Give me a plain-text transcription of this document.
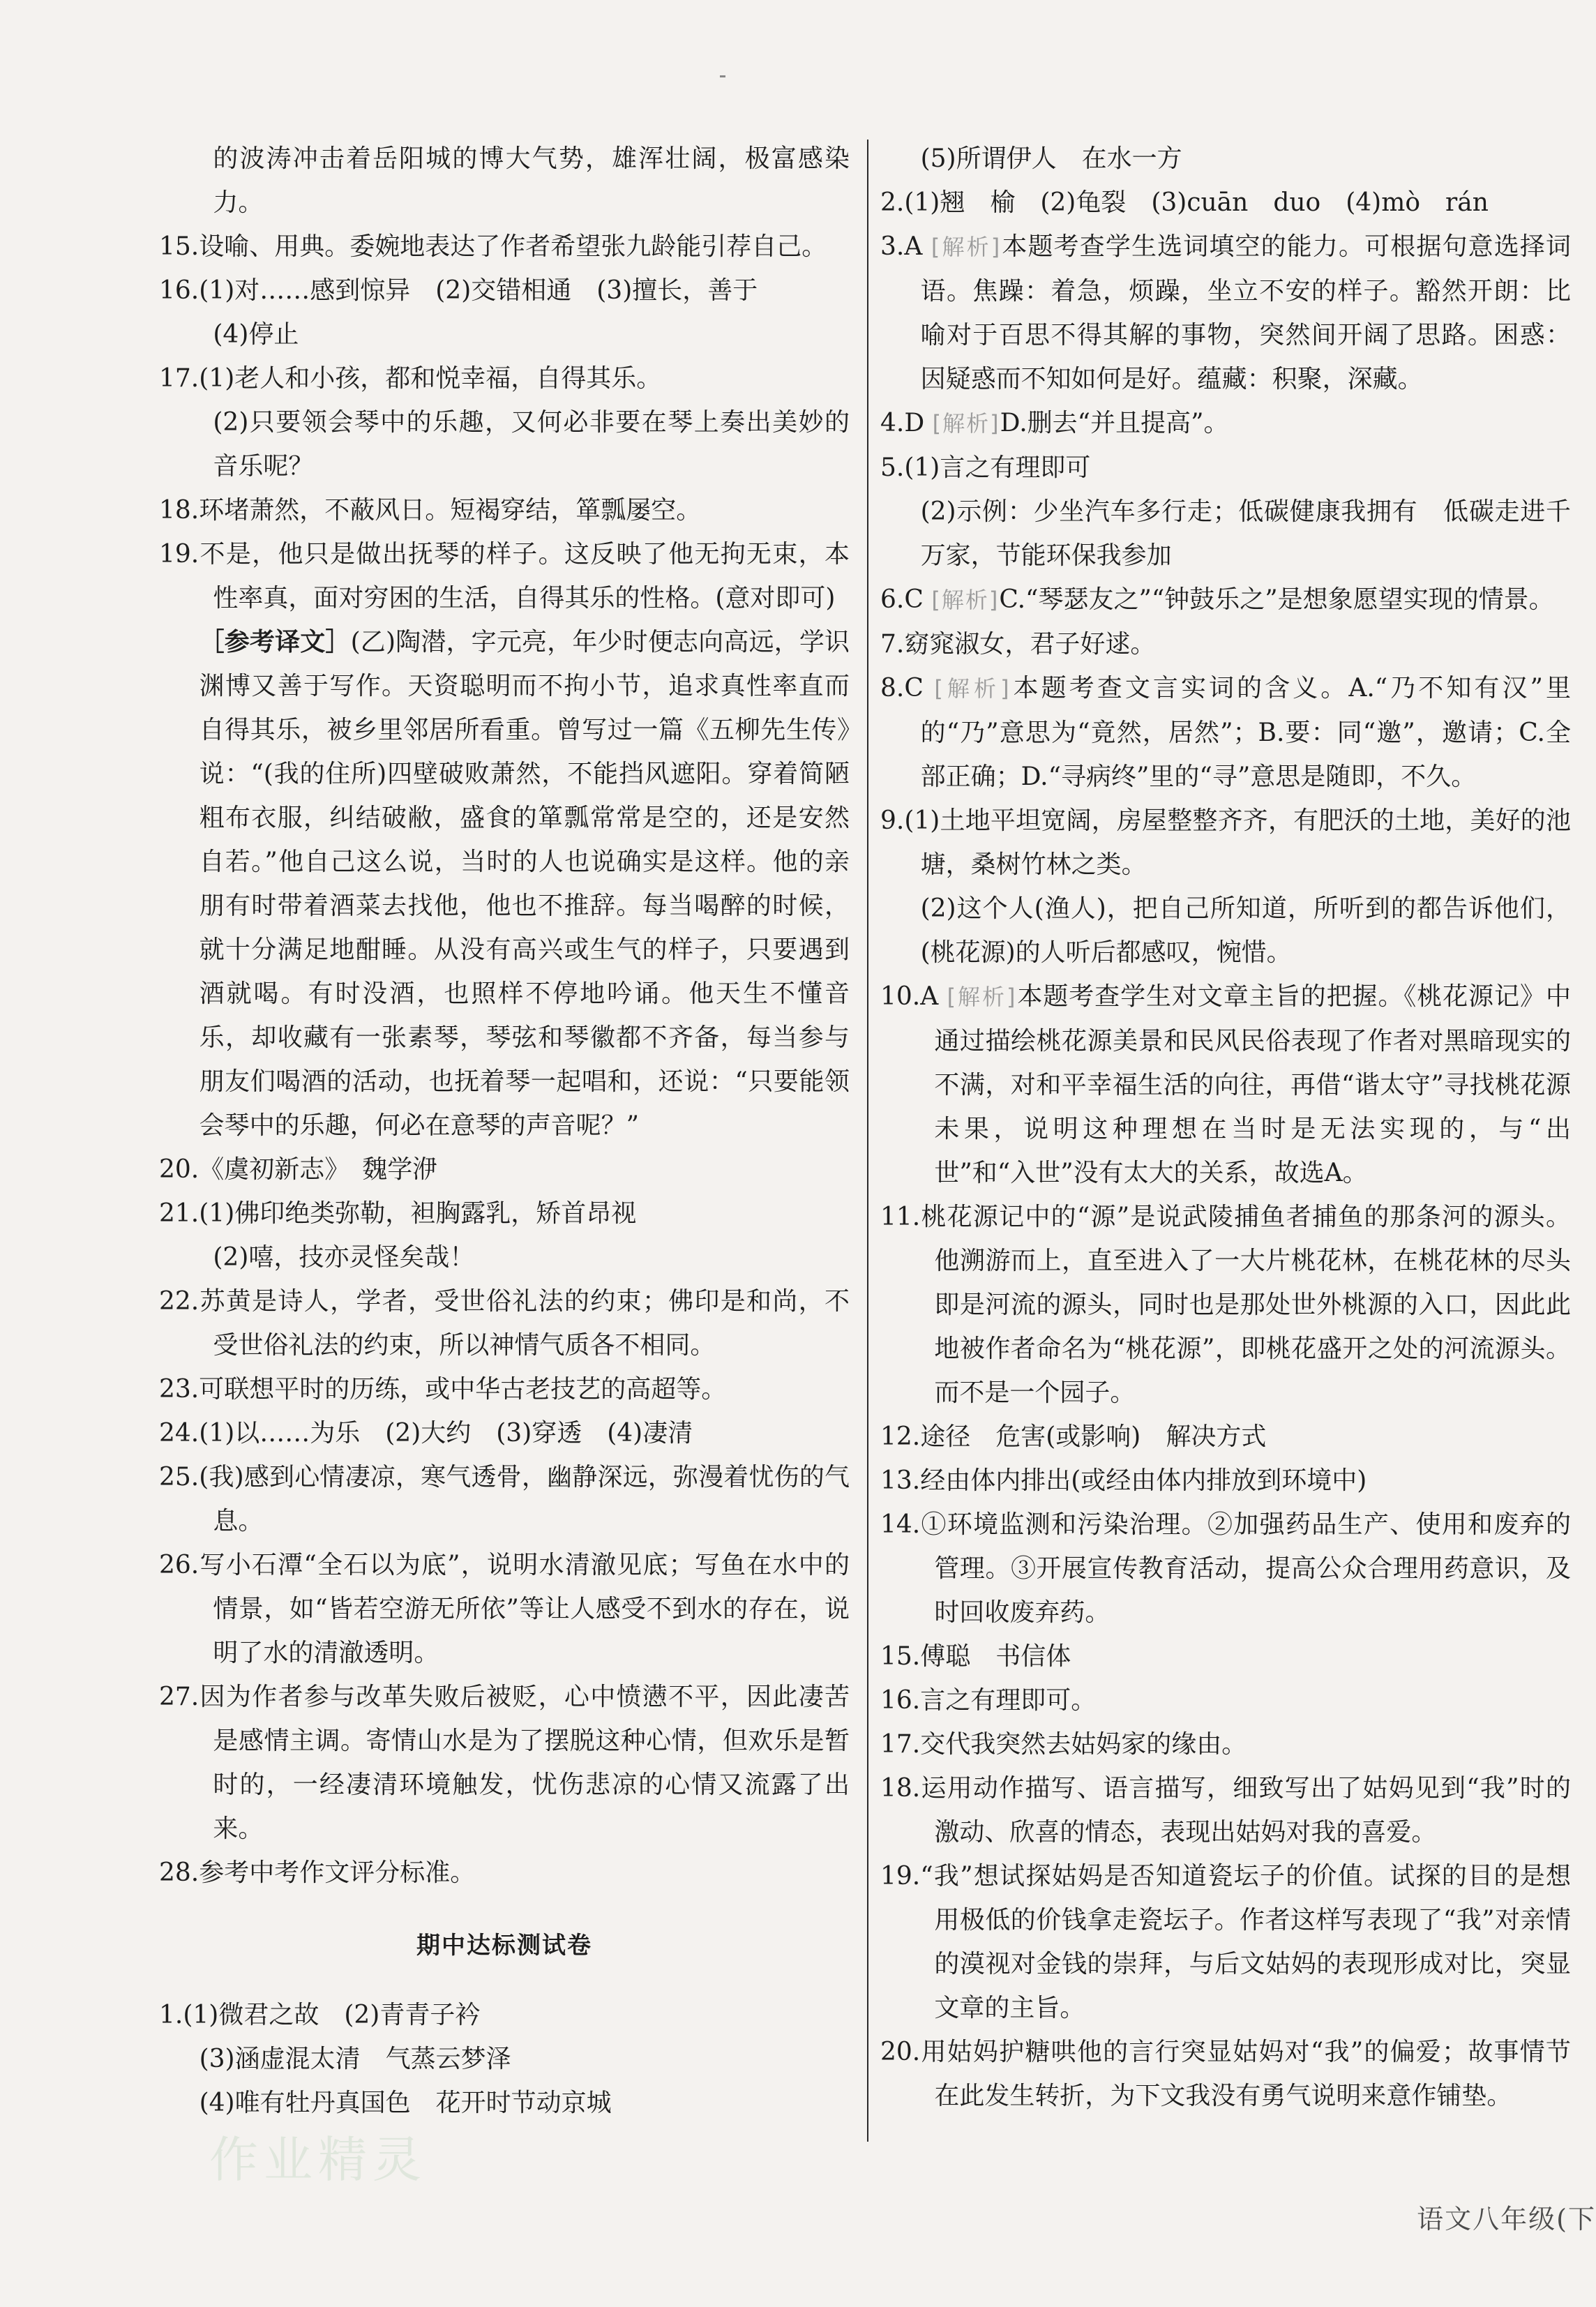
的波涛冲击着岳阳城的博大气势，雄浑壮阔，极富感染力。

15.设喻、用典。委婉地表达了作者希望张九龄能引荐自己。

16.(1)对……感到惊异　(2)交错相通　(3)擅长，善于

(4)停止

17.(1)老人和小孩，都和悦幸福，自得其乐。

(2)只要领会琴中的乐趣，又何必非要在琴上奏出美妙的音乐呢？

18.环堵萧然，不蔽风日。短褐穿结，箪瓢屡空。

19.不是，他只是做出抚琴的样子。这反映了他无拘无束，本性率真，面对穷困的生活，自得其乐的性格。(意对即可)

［参考译文］(乙)陶潜，字元亮，年少时便志向高远，学识渊博又善于写作。天资聪明而不拘小节，追求真性率直而自得其乐，被乡里邻居所看重。曾写过一篇《五柳先生传》说：“(我的住所)四壁破败萧然，不能挡风遮阳。穿着简陋粗布衣服，纠结破敝，盛食的箪瓢常常是空的，还是安然自若。”他自己这么说，当时的人也说确实是这样。他的亲朋有时带着酒菜去找他，他也不推辞。每当喝醉的时候，就十分满足地酣睡。从没有高兴或生气的样子，只要遇到酒就喝。有时没酒，也照样不停地吟诵。他天生不懂音乐，却收藏有一张素琴，琴弦和琴徽都不齐备，每当参与朋友们喝酒的活动，也抚着琴一起唱和，还说：“只要能领会琴中的乐趣，何必在意琴的声音呢？”

20.《虞初新志》　魏学洢

21.(1)佛印绝类弥勒，袒胸露乳，矫首昂视

(2)嘻，技亦灵怪矣哉！

22.苏黄是诗人，学者，受世俗礼法的约束；佛印是和尚，不受世俗礼法的约束，所以神情气质各不相同。

23.可联想平时的历练，或中华古老技艺的高超等。

24.(1)以……为乐　(2)大约　(3)穿透　(4)凄清

25.(我)感到心情凄凉，寒气透骨，幽静深远，弥漫着忧伤的气息。

26.写小石潭“全石以为底”，说明水清澈见底；写鱼在水中的情景，如“皆若空游无所依”等让人感受不到水的存在，说明了水的清澈透明。

27.因为作者参与改革失败后被贬，心中愤懑不平，因此凄苦是感情主调。寄情山水是为了摆脱这种心情，但欢乐是暂时的，一经凄清环境触发，忧伤悲凉的心情又流露了出来。

28.参考中考作文评分标准。

期中达标测试卷

1.(1)微君之故　(2)青青子衿

(3)涵虚混太清　气蒸云梦泽

(4)唯有牡丹真国色　花开时节动京城

(5)所谓伊人　在水一方

2.(1)翘　榆　(2)龟裂　(3)cuān　duo　(4)mò　rán

3.A [ 解析 ] 本题考查学生选词填空的能力。可根据句意选择词语。焦躁：着急，烦躁，坐立不安的样子。豁然开朗：比喻对于百思不得其解的事物，突然间开阔了思路。困惑：因疑惑而不知如何是好。蕴藏：积聚，深藏。

4.D [ 解析 ] D.删去“并且提高”。

5.(1)言之有理即可

(2)示例：少坐汽车多行走；低碳健康我拥有　低碳走进千万家，节能环保我参加

6.C [ 解析 ] C.“琴瑟友之”“钟鼓乐之”是想象愿望实现的情景。

7.窈窕淑女，君子好逑。

8.C [ 解析 ] 本题考查文言实词的含义。A.“乃不知有汉”里的“乃”意思为“竟然，居然”；B.要：同“邀”，邀请；C.全部正确；D.“寻病终”里的“寻”意思是随即，不久。

9.(1)土地平坦宽阔，房屋整整齐齐，有肥沃的土地，美好的池塘，桑树竹林之类。

(2)这个人(渔人)，把自己所知道，所听到的都告诉他们，(桃花源)的人听后都感叹，惋惜。

10.A [ 解析 ] 本题考查学生对文章主旨的把握。《桃花源记》中通过描绘桃花源美景和民风民俗表现了作者对黑暗现实的不满，对和平幸福生活的向往，再借“谐太守”寻找桃花源未果，说明这种理想在当时是无法实现的，与“出世”和“入世”没有太大的关系，故选A。

11.桃花源记中的“源”是说武陵捕鱼者捕鱼的那条河的源头。他溯游而上，直至进入了一大片桃花林，在桃花林的尽头即是河流的源头，同时也是那处世外桃源的入口，因此此地被作者命名为“桃花源”，即桃花盛开之处的河流源头。而不是一个园子。

12.途径　危害(或影响)　解决方式

13.经由体内排出(或经由体内排放到环境中)

14.①环境监测和污染治理。②加强药品生产、使用和废弃的管理。③开展宣传教育活动，提高公众合理用药意识，及时回收废弃药。

15.傅聪　书信体

16.言之有理即可。

17.交代我突然去姑妈家的缘由。

18.运用动作描写、语言描写，细致写出了姑妈见到“我”时的激动、欣喜的情态，表现出姑妈对我的喜爱。

19.“我”想试探姑妈是否知道瓷坛子的价值。试探的目的是想用极低的价钱拿走瓷坛子。作者这样写表现了“我”对亲情的漠视对金钱的崇拜，与后文姑妈的表现形成对比，突显文章的主旨。

20.用姑妈护糖哄他的言行突显姑妈对“我”的偏爱；故事情节在此发生转折，为下文我没有勇气说明来意作铺垫。

作业精灵
语文八年级(下
